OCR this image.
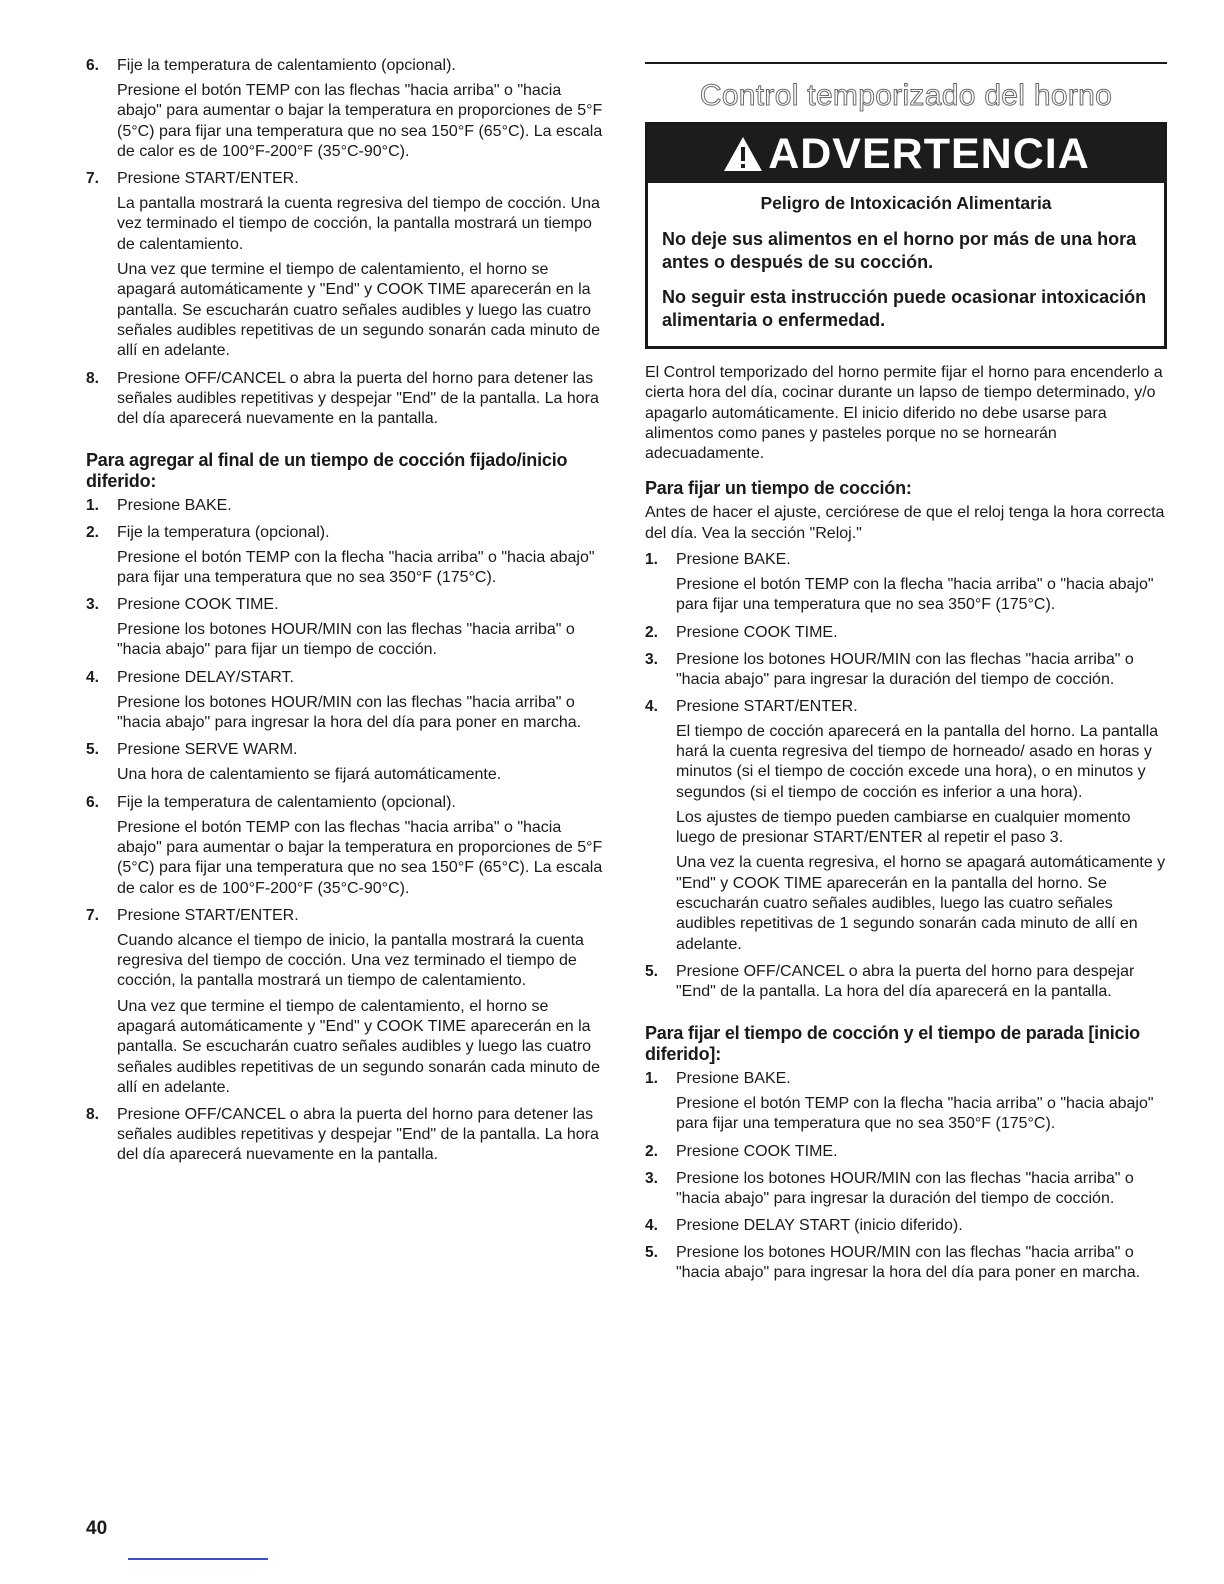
6. Fije la temperatura de calentamiento (opcional).

Presione el botón TEMP con las flechas "hacia arriba" o "hacia abajo" para aumentar o bajar la temperatura en proporciones de 5°F (5°C) para fijar una temperatura que no sea 150°F (65°C). La escala de calor es de 100°F-200°F (35°C-90°C).

7. Presione START/ENTER.

La pantalla mostrará la cuenta regresiva del tiempo de cocción. Una vez terminado el tiempo de cocción, la pantalla mostrará un tiempo de calentamiento.

Una vez que termine el tiempo de calentamiento, el horno se apagará automáticamente y "End" y COOK TIME aparecerán en la pantalla. Se escucharán cuatro señales audibles y luego las cuatro señales audibles repetitivas de un segundo sonarán cada minuto de allí en adelante.

8. Presione OFF/CANCEL o abra la puerta del horno para detener las señales audibles repetitivas y despejar "End" de la pantalla. La hora del día aparecerá nuevamente en la pantalla.
Para agregar al final de un tiempo de cocción fijado/inicio diferido:
1. Presione BAKE.
2. Fije la temperatura (opcional).

Presione el botón TEMP con la flecha "hacia arriba" o "hacia abajo" para fijar una temperatura que no sea 350°F (175°C).

3. Presione COOK TIME.

Presione los botones HOUR/MIN con las flechas "hacia arriba" o "hacia abajo" para fijar un tiempo de cocción.

4. Presione DELAY/START.

Presione los botones HOUR/MIN con las flechas "hacia arriba" o "hacia abajo" para ingresar la hora del día para poner en marcha.

5. Presione SERVE WARM.

Una hora de calentamiento se fijará automáticamente.

6. Fije la temperatura de calentamiento (opcional).

Presione el botón TEMP con las flechas "hacia arriba" o "hacia abajo" para aumentar o bajar la temperatura en proporciones de 5°F (5°C) para fijar una temperatura que no sea 150°F (65°C). La escala de calor es de 100°F-200°F (35°C-90°C).

7. Presione START/ENTER.

Cuando alcance el tiempo de inicio, la pantalla mostrará la cuenta regresiva del tiempo de cocción. Una vez terminado el tiempo de cocción, la pantalla mostrará un tiempo de calentamiento.

Una vez que termine el tiempo de calentamiento, el horno se apagará automáticamente y "End" y COOK TIME aparecerán en la pantalla. Se escucharán cuatro señales audibles y luego las cuatro señales audibles repetitivas de un segundo sonarán cada minuto de allí en adelante.

8. Presione OFF/CANCEL o abra la puerta del horno para detener las señales audibles repetitivas y despejar "End" de la pantalla. La hora del día aparecerá nuevamente en la pantalla.
Control temporizado del horno
ADVERTENCIA

Peligro de Intoxicación Alimentaria

No deje sus alimentos en el horno por más de una hora antes o después de su cocción.

No seguir esta instrucción puede ocasionar intoxicación alimentaria o enfermedad.

El Control temporizado del horno permite fijar el horno para encenderlo a cierta hora del día, cocinar durante un lapso de tiempo determinado, y/o apagarlo automáticamente. El inicio diferido no debe usarse para alimentos como panes y pasteles porque no se hornearán adecuadamente.

Para fijar un tiempo de cocción:

Antes de hacer el ajuste, cerciórese de que el reloj tenga la hora correcta del día. Vea la sección "Reloj."

1. Presione BAKE.

Presione el botón TEMP con la flecha "hacia arriba" o "hacia abajo" para fijar una temperatura que no sea 350°F (175°C).

2. Presione COOK TIME.
3. Presione los botones HOUR/MIN con las flechas "hacia arriba" o "hacia abajo" para ingresar la duración del tiempo de cocción.
4. Presione START/ENTER.

El tiempo de cocción aparecerá en la pantalla del horno. La pantalla hará la cuenta regresiva del tiempo de horneado/ asado en horas y minutos (si el tiempo de cocción excede una hora), o en minutos y segundos (si el tiempo de cocción es inferior a una hora).

Los ajustes de tiempo pueden cambiarse en cualquier momento luego de presionar START/ENTER al repetir el paso 3.

Una vez la cuenta regresiva, el horno se apagará automáticamente y "End" y COOK TIME aparecerán en la pantalla del horno. Se escucharán cuatro señales audibles, luego las cuatro señales audibles repetitivas de 1 segundo sonarán cada minuto de allí en adelante.

5. Presione OFF/CANCEL o abra la puerta del horno para despejar "End" de la pantalla. La hora del día aparecerá en la pantalla.
Para fijar el tiempo de cocción y el tiempo de parada [inicio diferido]:
1. Presione BAKE.

Presione el botón TEMP con la flecha "hacia arriba" o "hacia abajo" para fijar una temperatura que no sea 350°F (175°C).

2. Presione COOK TIME.
3. Presione los botones HOUR/MIN con las flechas "hacia arriba" o "hacia abajo" para ingresar la duración del tiempo de cocción.
4. Presione DELAY START (inicio diferido).
5. Presione los botones HOUR/MIN con las flechas "hacia arriba" o "hacia abajo" para ingresar la hora del día para poner en marcha.
40
